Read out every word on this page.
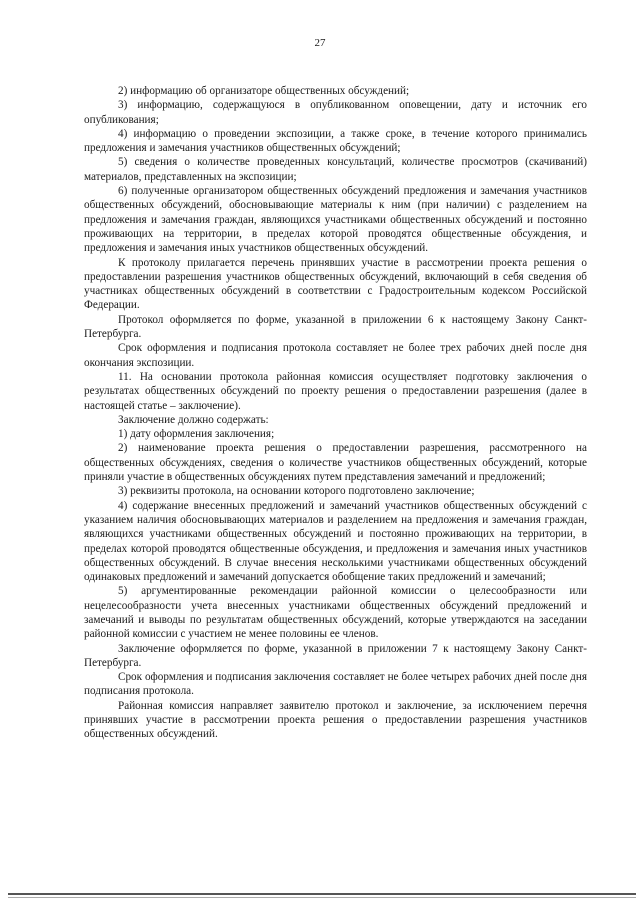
27

2) информацию об организаторе общественных обсуждений;

3) информацию, содержащуюся в опубликованном оповещении, дату и источник его опубликования;

4) информацию о проведении экспозиции, а также сроке, в течение которого принимались предложения и замечания участников общественных обсуждений;

5) сведения о количестве проведенных консультаций, количестве просмотров (скачиваний) материалов, представленных на экспозиции;

6) полученные организатором общественных обсуждений предложения и замечания участников общественных обсуждений, обосновывающие материалы к ним (при наличии) с разделением на предложения и замечания граждан, являющихся участниками общественных обсуждений и постоянно проживающих на территории, в пределах которой проводятся общественные обсуждения, и предложения и замечания иных участников общественных обсуждений.

К протоколу прилагается перечень принявших участие в рассмотрении проекта решения о предоставлении разрешения участников общественных обсуждений, включающий в себя сведения об участниках общественных обсуждений в соответствии с Градостроительным кодексом Российской Федерации.

Протокол оформляется по форме, указанной в приложении 6 к настоящему Закону Санкт-Петербурга.

Срок оформления и подписания протокола составляет не более трех рабочих дней после дня окончания экспозиции.

11. На основании протокола районная комиссия осуществляет подготовку заключения о результатах общественных обсуждений по проекту решения о предоставлении разрешения (далее в настоящей статье – заключение).

Заключение должно содержать:

1) дату оформления заключения;

2) наименование проекта решения о предоставлении разрешения, рассмотренного на общественных обсуждениях, сведения о количестве участников общественных обсуждений, которые приняли участие в общественных обсуждениях путем представления замечаний и предложений;

3) реквизиты протокола, на основании которого подготовлено заключение;

4) содержание внесенных предложений и замечаний участников общественных обсуждений с указанием наличия обосновывающих материалов и разделением на предложения и замечания граждан, являющихся участниками общественных обсуждений и постоянно проживающих на территории, в пределах которой проводятся общественные обсуждения, и предложения и замечания иных участников общественных обсуждений. В случае внесения несколькими участниками общественных обсуждений одинаковых предложений и замечаний допускается обобщение таких предложений и замечаний;

5) аргументированные рекомендации районной комиссии о целесообразности или нецелесообразности учета внесенных участниками общественных обсуждений предложений и замечаний и выводы по результатам общественных обсуждений, которые утверждаются на заседании районной комиссии с участием не менее половины ее членов.

Заключение оформляется по форме, указанной в приложении 7 к настоящему Закону Санкт-Петербурга.

Срок оформления и подписания заключения составляет не более четырех рабочих дней после дня подписания протокола.

Районная комиссия направляет заявителю протокол и заключение, за исключением перечня принявших участие в рассмотрении проекта решения о предоставлении разрешения участников общественных обсуждений.
